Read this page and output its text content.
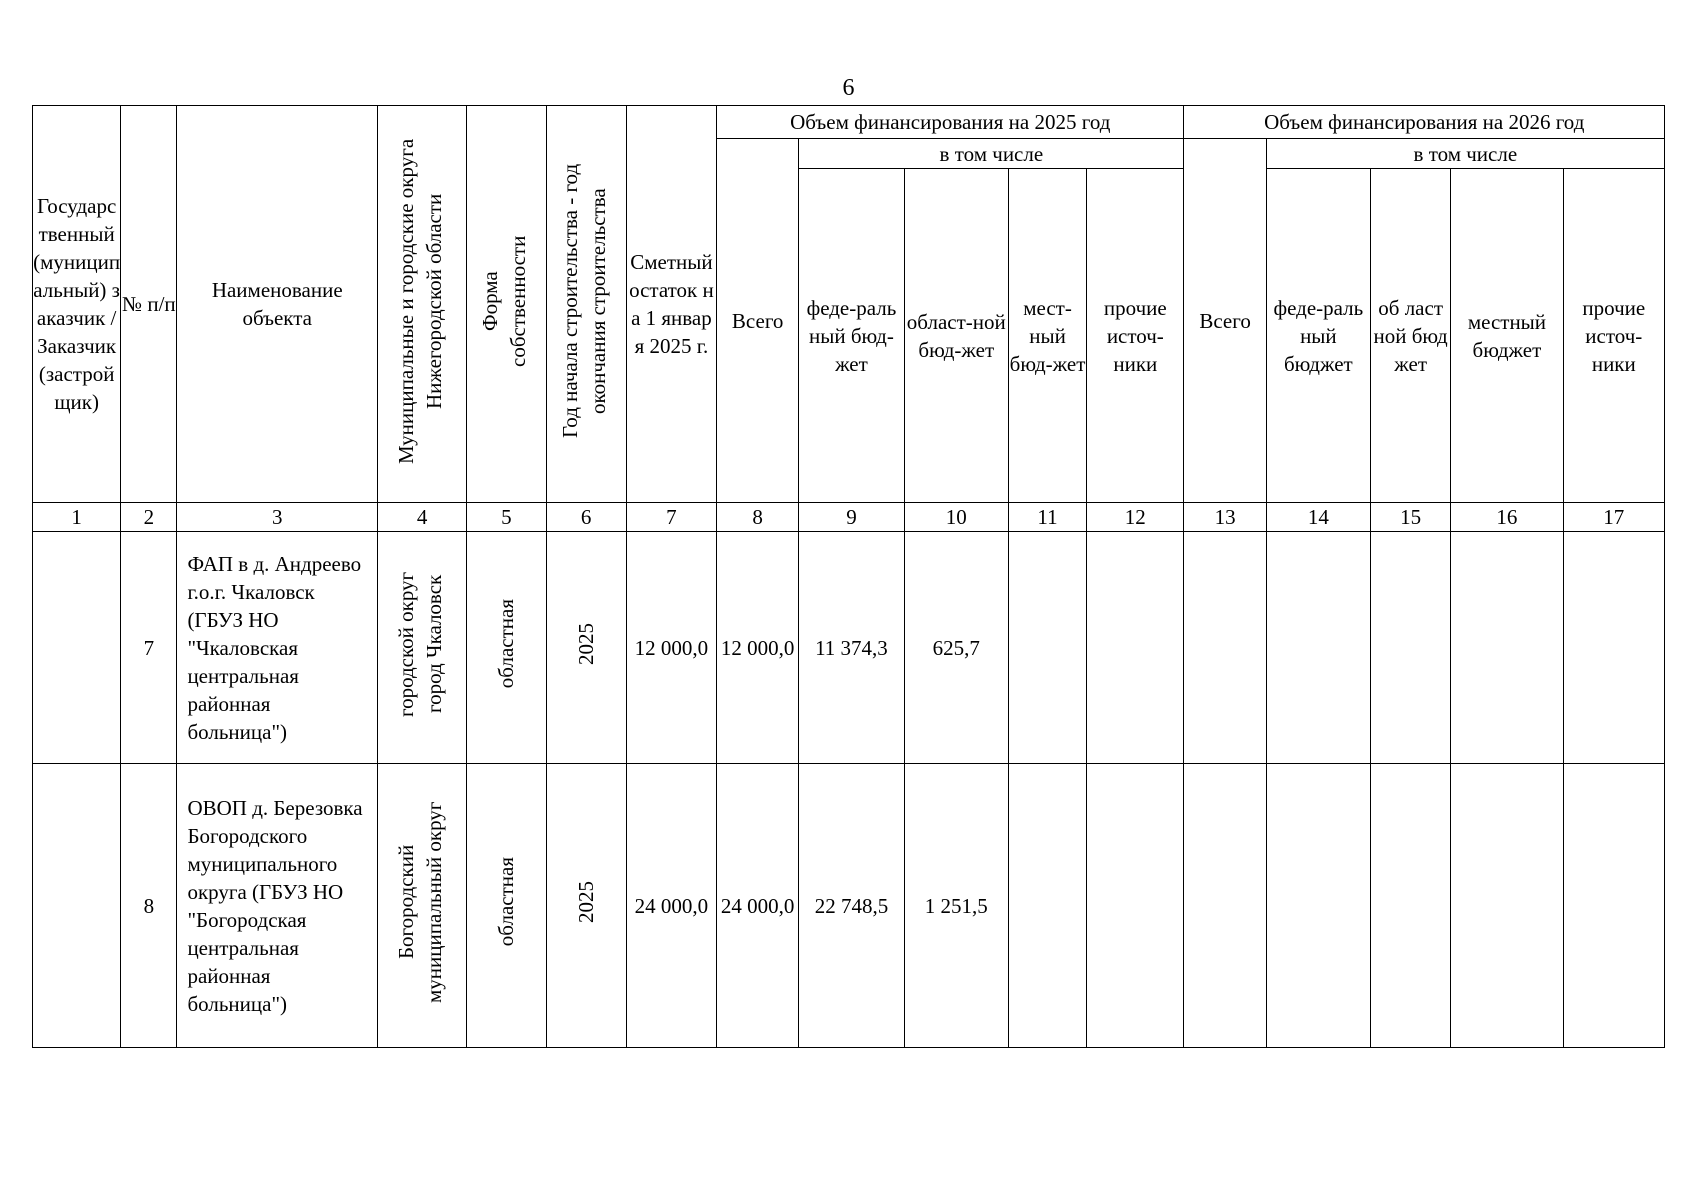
6
Государственный (муниципальный) заказчик / Заказчик (застройщик)	№ п/п	Наименование объекта	Муниципальные и городские округа Нижегородской области	Форма собственности	Год начала строительства - год окончания строительства	Сметный остаток на 1 января 2025 г.	Объем финансирования на 2025 год					Объем финансирования на 2026 год				
							Всего	в том числе				Всего	в том числе			
								феде-раль ный бюд-жет	област-ной бюд-жет	мест-ный бюд-жет	прочие источ-ники		феде-раль ный бюджет	об ласт ной бюд жет	местный бюджет	прочие источ-ники
1	2	3	4	5	6	7	8	9	10	11	12	13	14	15	16	17
	7	ФАП в д. Андреево г.о.г. Чкаловск (ГБУЗ НО "Чкаловская центральная районная больница")	городской округ город Чкаловск	областная	2025	12 000,0	12 000,0	11 374,3	625,7							
	8	ОВОП д. Березовка Богородского муниципального округа (ГБУЗ НО "Богородская центральная районная больница")	Богородский муниципальный округ	областная	2025	24 000,0	24 000,0	22 748,5	1 251,5							
